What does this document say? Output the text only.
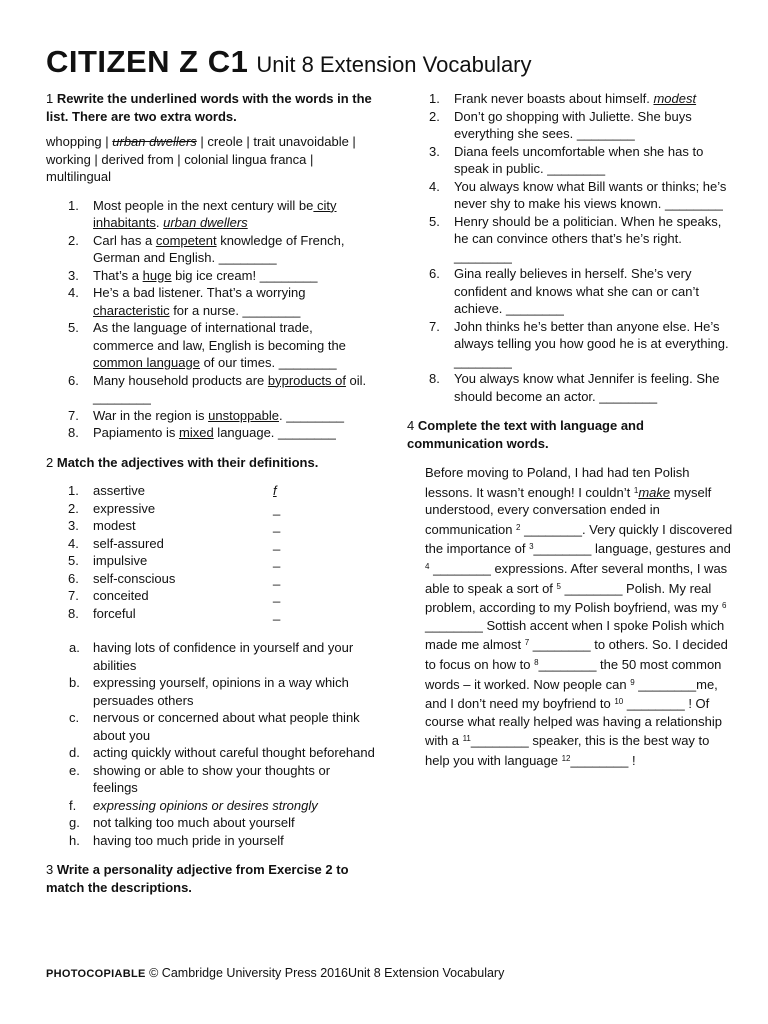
CITIZEN Z C1 Unit 8 Extension Vocabulary

1 Rewrite the underlined words with the words in the list. There are two extra words.

whopping | urban dwellers | creole | trait unavoidable | working | derived from | colonial lingua franca | multilingual

1. Most people in the next century will be city inhabitants. urban dwellers
2. Carl has a competent knowledge of French, German and English. ________
3. That’s a huge big ice cream! ________
4. He’s a bad listener. That’s a worrying characteristic for a nurse. ________
5. As the language of international trade, commerce and law, English is becoming the common language of our times. ________
6. Many household products are byproducts of oil. ________
7. War in the region is unstoppable. ________
8. Papiamento is mixed language. ________

2 Match the adjectives with their definitions.

1. assertive	f
2. expressive	_
3. modest	_
4. self-assured	_
5. impulsive	_
6. self-conscious	_
7. conceited	_
8. forceful	_
a. having lots of confidence in yourself and your abilities
b. expressing yourself, opinions in a way which persuades others
c. nervous or concerned about what people think about you
d. acting quickly without careful thought beforehand
e. showing or able to show your thoughts or feelings
f. expressing opinions or desires strongly
g. not talking too much about yourself
h. having too much pride in yourself

3 Write a personality adjective from Exercise 2 to match the descriptions.

1. Frank never boasts about himself. modest
2. Don’t go shopping with Juliette. She buys everything she sees. ________
3. Diana feels uncomfortable when she has to speak in public. ________
4. You always know what Bill wants or thinks; he’s never shy to make his views known. ________
5. Henry should be a politician. When he speaks, he can convince others that’s he’s right. ________
6. Gina really believes in herself. She’s very confident and knows what she can or can’t achieve. ________
7. John thinks he’s better than anyone else. He’s always telling you how good he is at everything. ________
8. You always know what Jennifer is feeling. She should become an actor. ________

4 Complete the text with language and communication words.

Before moving to Poland, I had had ten Polish lessons. It wasn’t enough! I couldn’t $^1$make myself understood, every conversation ended in communication $^2$ ________. Very quickly I discovered the importance of $^3$________ language, gestures and $^4$ ________ expressions. After several months, I was able to speak a sort of $^5$ ________ Polish. My real problem, according to my Polish boyfriend, was my $^6$ ________ Sottish accent when I spoke Polish which made me almost $^7$ ________ to others. So. I decided to focus on how to $^8$________ the 50 most common words – it worked. Now people can $^9$ ________me, and I don’t need my boyfriend to $^{10}$ ________ ! Of course what really helped was having a relationship with a $^{11}$________ speaker, this is the best way to help you with language $^{12}$________ !

PHOTOCOPIABLE © Cambridge University Press 2016Unit 8 Extension Vocabulary
